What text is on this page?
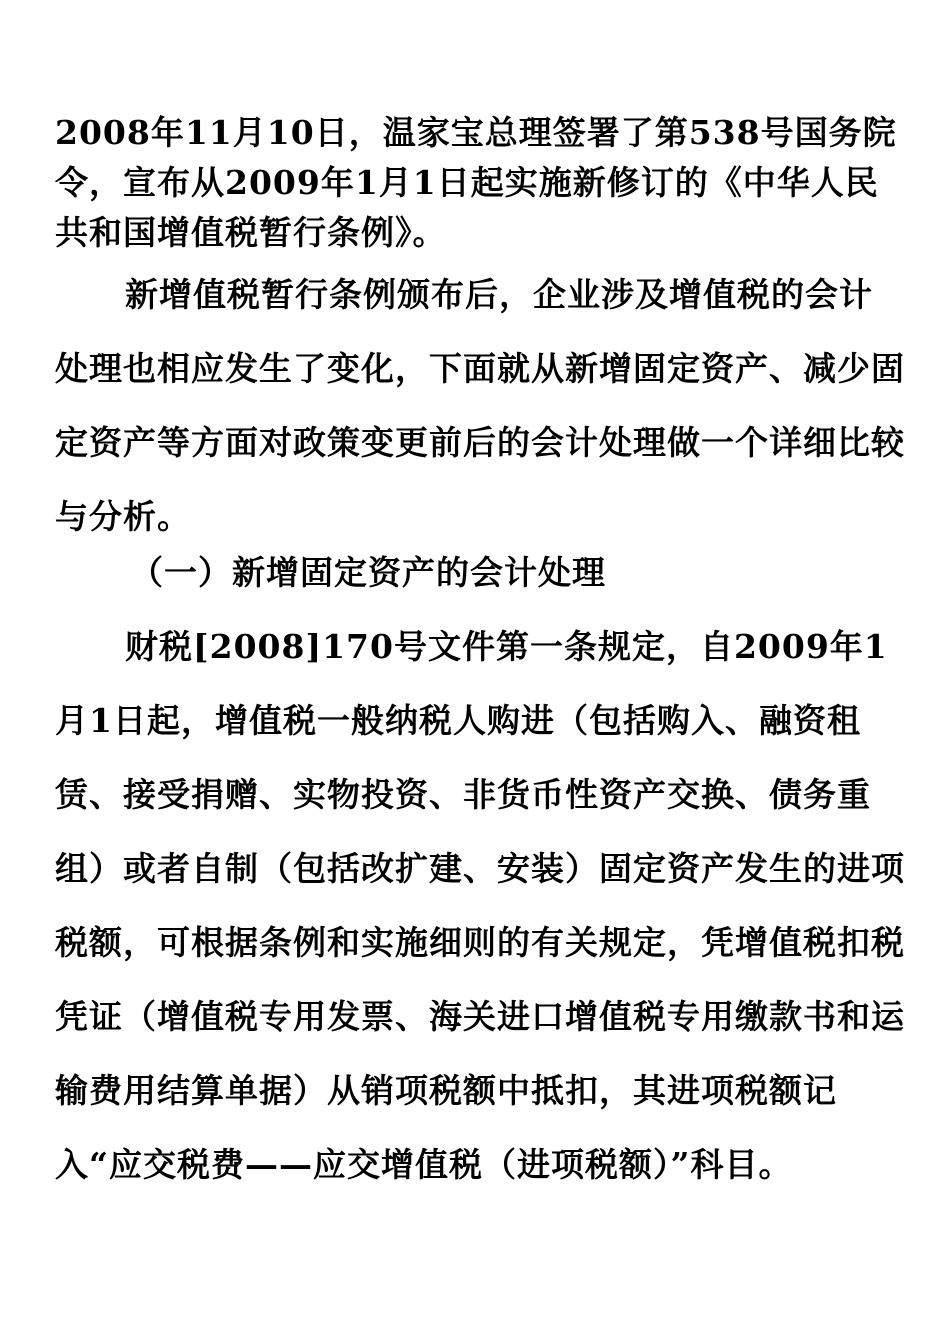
2008年11月10日，温家宝总理签署了第538号国务院令，宣布从2009年1月1日起实施新修订的《中华人民共和国增值税暂行条例》。

新增值税暂行条例颁布后，企业涉及增值税的会计处理也相应发生了变化，下面就从新增固定资产、减少固定资产等方面对政策变更前后的会计处理做一个详细比较与分析。

（一）新增固定资产的会计处理

财税[2008]170号文件第一条规定，自2009年1月1日起，增值税一般纳税人购进（包括购入、融资租赁、接受捐赠、实物投资、非货币性资产交换、债务重组）或者自制（包括改扩建、安装）固定资产发生的进项税额，可根据条例和实施细则的有关规定，凭增值税扣税凭证（增值税专用发票、海关进口增值税专用缴款书和运输费用结算单据）从销项税额中抵扣，其进项税额记入“应交税费——应交增值税（进项税额）”科目。
